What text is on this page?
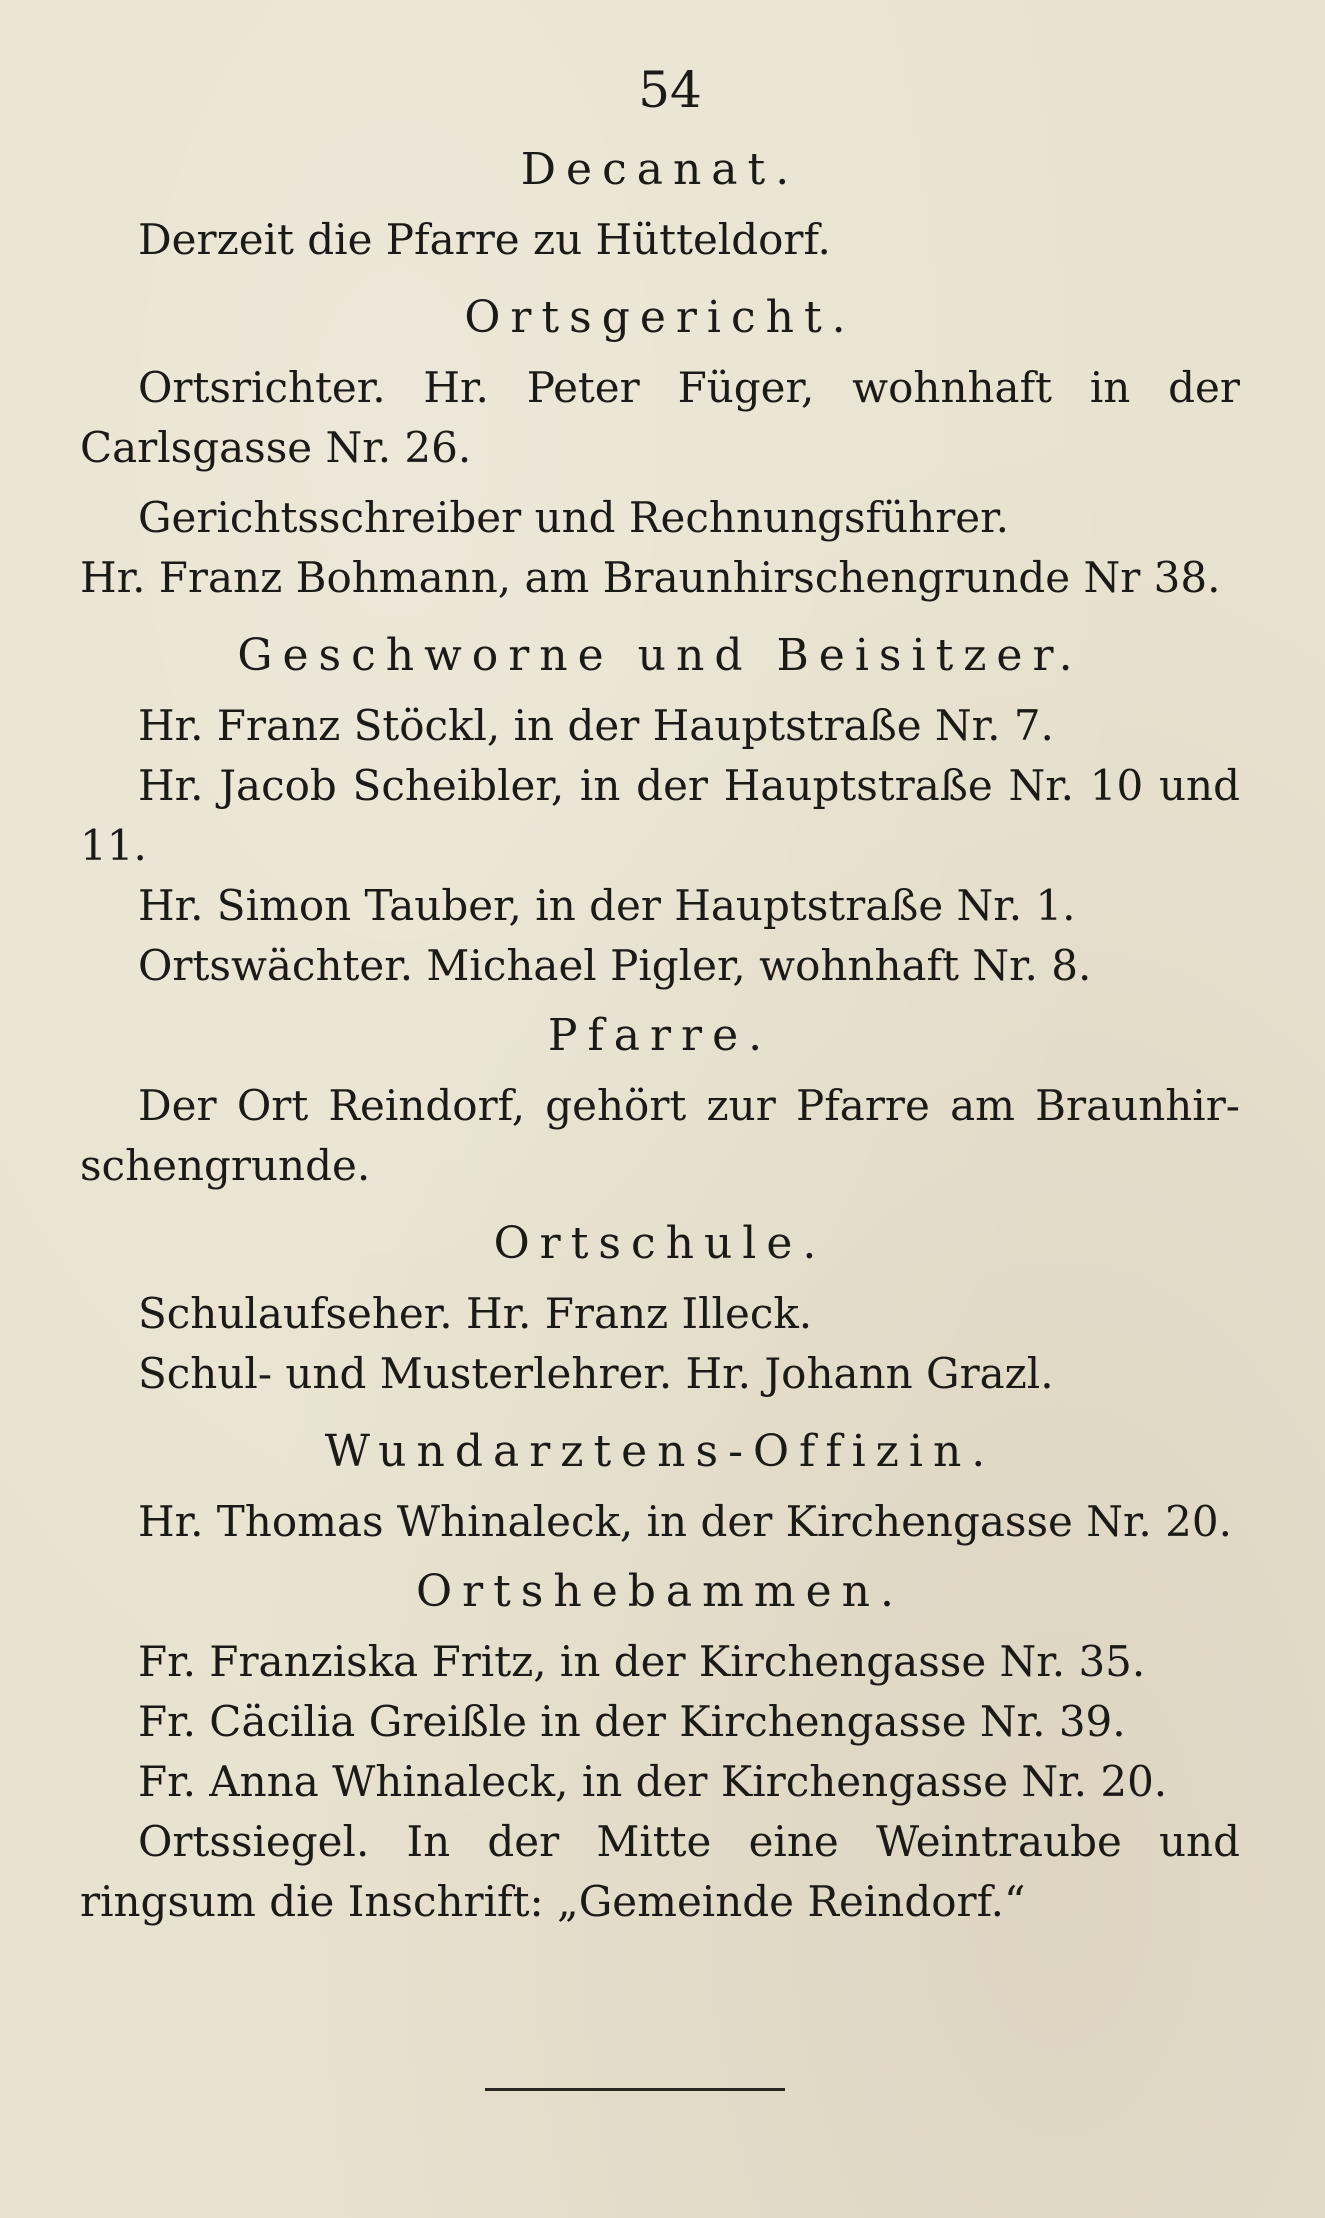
54

Decanat.

Derzeit die Pfarre zu Hütteldorf.

Ortsgericht.

Ortsrichter. Hr. Peter Füger, wohnhaft in der Carlsgasse Nr. 26.

Gerichtsschreiber und Rechnungsführer.

Hr. Franz Bohmann, am Braunhirschengrunde Nr 38.

Geschworne und Beisitzer.

Hr. Franz Stöckl, in der Hauptstraße Nr. 7.

Hr. Jacob Scheibler, in der Hauptstraße Nr. 10 und 11.

Hr. Simon Tauber, in der Hauptstraße Nr. 1.

Ortswächter. Michael Pigler, wohnhaft Nr. 8.

Pfarre.

Der Ort Reindorf, gehört zur Pfarre am Braunhir-schengrunde.

Ortschule.

Schulaufseher. Hr. Franz Illeck.

Schul- und Musterlehrer. Hr. Johann Grazl.

Wundarztens-Offizin.

Hr. Thomas Whinaleck, in der Kirchengasse Nr. 20.

Ortshebammen.

Fr. Franziska Fritz, in der Kirchengasse Nr. 35.

Fr. Cäcilia Greißle in der Kirchengasse Nr. 39.

Fr. Anna Whinaleck, in der Kirchengasse Nr. 20.

Ortssiegel. In der Mitte eine Weintraube und ringsum die Inschrift: „Gemeinde Reindorf.“
